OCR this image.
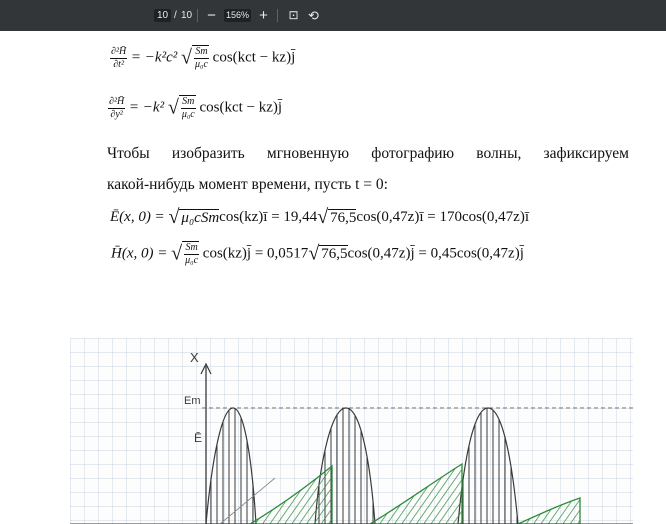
10 / 10 −	156% +	⊡ ⟲
$\frac{\text{∂²H̄}}{\text{∂t²}} = -k^2c^2$ √ $\frac{Sm}{\text{μ₀c}} \cos(kct$ − kz)j̄
$\frac{\text{∂²H̄}}{\text{∂y²}} = -k^2$ √ $\frac{Sm}{\text{μ₀c}} \cos(kct$ − kz)j̄
Чтобы изобразить мгновенную фотографию волны, зафиксируем
какой-нибудь момент времени, пусть t = 0:
Ē(x, 0) = √ μ₀cSmcos(kz)ī = 19,44√ 76,5cos(0,47z)ī = 170cos(0,47z)ī
H̄(x, 0) = √ $\frac{Sm}{\text{μ₀c}}$ cos(kz)j̄ = 0,0517√ 76,5cos(0,47z)j̄ = 0,45cos(0,47z)j̄
X
Em
Ē
